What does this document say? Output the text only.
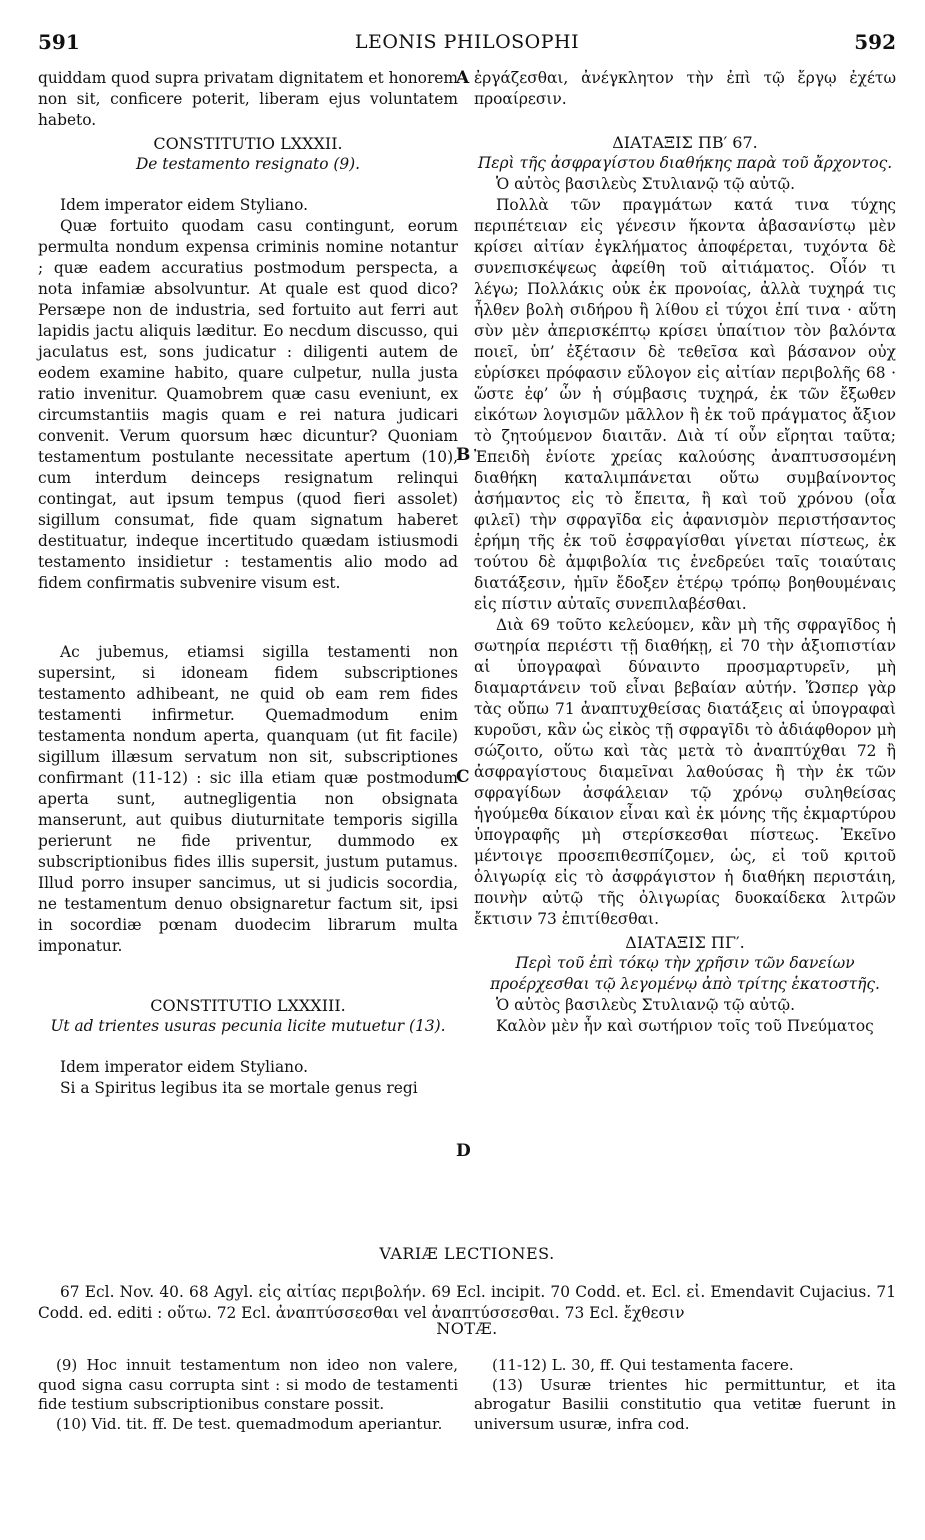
591	LEONIS PHILOSOPHI	592

quiddam quod supra privatam dignitatem et honorem non sit, conficere poterit, liberam ejus voluntatem habeto.

CONSTITUTIO LXXXII.
De testamento resignato (9).

Idem imperator eidem Styliano.

Quæ fortuito quodam casu contingunt, eorum permulta nondum expensa criminis nomine notantur ; quæ eadem accuratius postmodum perspecta, a nota infamiæ absolvuntur. At quale est quod dico? Persæpe non de industria, sed fortuito aut ferri aut lapidis jactu aliquis læditur. Eo necdum discusso, qui jaculatus est, sons judicatur : diligenti autem de eodem examine habito, quare culpetur, nulla justa ratio invenitur. Quamobrem quæ casu eveniunt, ex circumstantiis magis quam e rei natura judicari convenit. Verum quorsum hæc dicuntur? Quoniam testamentum postulante necessitate apertum (10), cum interdum deinceps resignatum relinqui contingat, aut ipsum tempus (quod fieri assolet) sigillum consumat, fide quam signatum haberet destituatur, indeque incertitudo quædam istiusmodi testamento insidietur : testamentis alio modo ad fidem confirmatis subvenire visum est.

Ac jubemus, etiamsi sigilla testamenti non supersint, si idoneam fidem subscriptiones testamento adhibeant, ne quid ob eam rem fides testamenti infirmetur. Quemadmodum enim testamenta nondum aperta, quanquam (ut fit facile) sigillum illæsum servatum non sit, subscriptiones confirmant (11-12) : sic illa etiam quæ postmodum aperta sunt, autnegligentia non obsignata manserunt, aut quibus diuturnitate temporis sigilla perierunt ne fide priventur, dummodo ex subscriptionibus fides illis supersit, justum putamus. Illud porro insuper sancimus, ut si judicis socordia, ne testamentum denuo obsignaretur factum sit, ipsi in socordiæ pœnam duodecim librarum multa imponatur.

CONSTITUTIO LXXXIII.
Ut ad trientes usuras pecunia licite mutuetur (13).

Idem imperator eidem Styliano.

Si a Spiritus legibus ita se mortale genus regi

ἐργάζεσθαι, ἀνέγκλητον τὴν ἐπὶ τῷ ἔργῳ ἐχέτω προαίρεσιν.

ΔΙΑΤΑΞΙΣ ΠΒ′ 67.
Περὶ τῆς ἀσφραγίστου διαθήκης παρὰ τοῦ ἄρχοντος.

Ὁ αὐτὸς βασιλεὺς Στυλιανῷ τῷ αὐτῷ.

Πολλὰ τῶν πραγμάτων κατά τινα τύχης περιπέτειαν εἰς γένεσιν ἥκοντα ἀβασανίστῳ μὲν κρίσει αἰτίαν ἐγκλήματος ἀποφέρεται, τυχόντα δὲ συνεπισκέψεως ἀφείθη τοῦ αἰτιάματος. Οἷόν τι λέγω; Πολλάκις οὐκ ἐκ προνοίας, ἀλλὰ τυχηρά τις ἦλθεν βολὴ σιδήρου ἢ λίθου εἰ τύχοι ἐπί τινα · αὕτη σὺν μὲν ἀπερισκέπτῳ κρίσει ὑπαίτιον τὸν βαλόντα ποιεῖ, ὑπ’ ἐξέτασιν δὲ τεθεῖσα καὶ βάσανον οὐχ εὑρίσκει πρόφασιν εὔλογον εἰς αἰτίαν περιβολῆς 68 · ὥστε ἐφ’ ὧν ἡ σύμβασις τυχηρά, ἐκ τῶν ἔξωθεν εἰκότων λογισμῶν μᾶλλον ἢ ἐκ τοῦ πράγματος ἄξιον τὸ ζητούμενον διαιτᾶν. Διὰ τί οὖν εἴρηται ταῦτα; Ἐπειδὴ ἐνίοτε χρείας καλούσης ἀναπτυσσομένη διαθήκη καταλιμπάνεται οὕτω συμβαίνοντος ἀσήμαντος εἰς τὸ ἔπειτα, ἢ καὶ τοῦ χρόνου (οἷα φιλεῖ) τὴν σφραγῖδα εἰς ἀφανισμὸν περιστήσαντος ἐρήμη τῆς ἐκ τοῦ ἐσφραγίσθαι γίνεται πίστεως, ἐκ τούτου δὲ ἀμφιβολία τις ἐνεδρεύει ταῖς τοιαύταις διατάξεσιν, ἡμῖν ἔδοξεν ἑτέρῳ τρόπῳ βοηθουμέναις εἰς πίστιν αὐταῖς συνεπιλαβέσθαι.

Διὰ 69 τοῦτο κελεύομεν, κἂν μὴ τῆς σφραγῖδος ἡ σωτηρία περιέστι τῇ διαθήκῃ, εἰ 70 τὴν ἀξιοπιστίαν αἱ ὑπογραφαὶ δύναιντο προσμαρτυρεῖν, μὴ διαμαρτάνειν τοῦ εἶναι βεβαίαν αὐτήν. Ὥσπερ γὰρ τὰς οὔπω 71 ἀναπτυχθείσας διατάξεις αἱ ὑπογραφαὶ κυροῦσι, κἂν ὡς εἰκὸς τῇ σφραγῖδι τὸ ἀδιάφθορον μὴ σώζοιτο, οὕτω καὶ τὰς μετὰ τὸ ἀναπτύχθαι 72 ἢ ἀσφραγίστους διαμεῖναι λαθούσας ἢ τὴν ἐκ τῶν σφραγίδων ἀσφάλειαν τῷ χρόνῳ συληθείσας ἡγούμεθα δίκαιον εἶναι καὶ ἐκ μόνης τῆς ἐκμαρτύρου ὑπογραφῆς μὴ στερίσκεσθαι πίστεως. Ἐκεῖνο μέντοιγε προσεπιθεσπίζομεν, ὡς, εἰ τοῦ κριτοῦ ὀλιγωρίᾳ εἰς τὸ ἀσφράγιστον ἡ διαθήκη περιστάιη, ποινὴν αὐτῷ τῆς ὀλιγωρίας δυοκαίδεκα λιτρῶν ἔκτισιν 73 ἐπιτίθεσθαι.

ΔΙΑΤΑΞΙΣ ΠΓ′.
Περὶ τοῦ ἐπὶ τόκῳ τὴν χρῆσιν τῶν δανείων προέρχεσθαι τῷ λεγομένῳ ἀπὸ τρίτης ἑκατοστῆς.

Ὁ αὐτὸς βασιλεὺς Στυλιανῷ τῷ αὐτῷ.

Καλὸν μὲν ἦν καὶ σωτήριον τοῖς τοῦ Πνεύματος

A
B
C
D
VARIÆ LECTIONES.
67 Ecl. Nov. 40. 68 Agyl. εἰς αἰτίας περιβολήν. 69 Ecl. incipit. 70 Codd. et. Ecl. εἰ. Emendavit Cujacius. 71 Codd. ed. editi : οὕτω. 72 Ecl. ἀναπτύσσεσθαι vel ἀναπτύσσεσθαι. 73 Ecl. ἔχθεσιν
NOTÆ.

(9) Hoc innuit testamentum non ideo non valere, quod signa casu corrupta sint : si modo de testamenti fide testium subscriptionibus constare possit.

(10) Vid. tit. ff. De test. quemadmodum aperiantur.

(11-12) L. 30, ff. Qui testamenta facere.

(13) Usuræ trientes hic permittuntur, et ita abrogatur Basilii constitutio qua vetitæ fuerunt in universum usuræ, infra cod.
